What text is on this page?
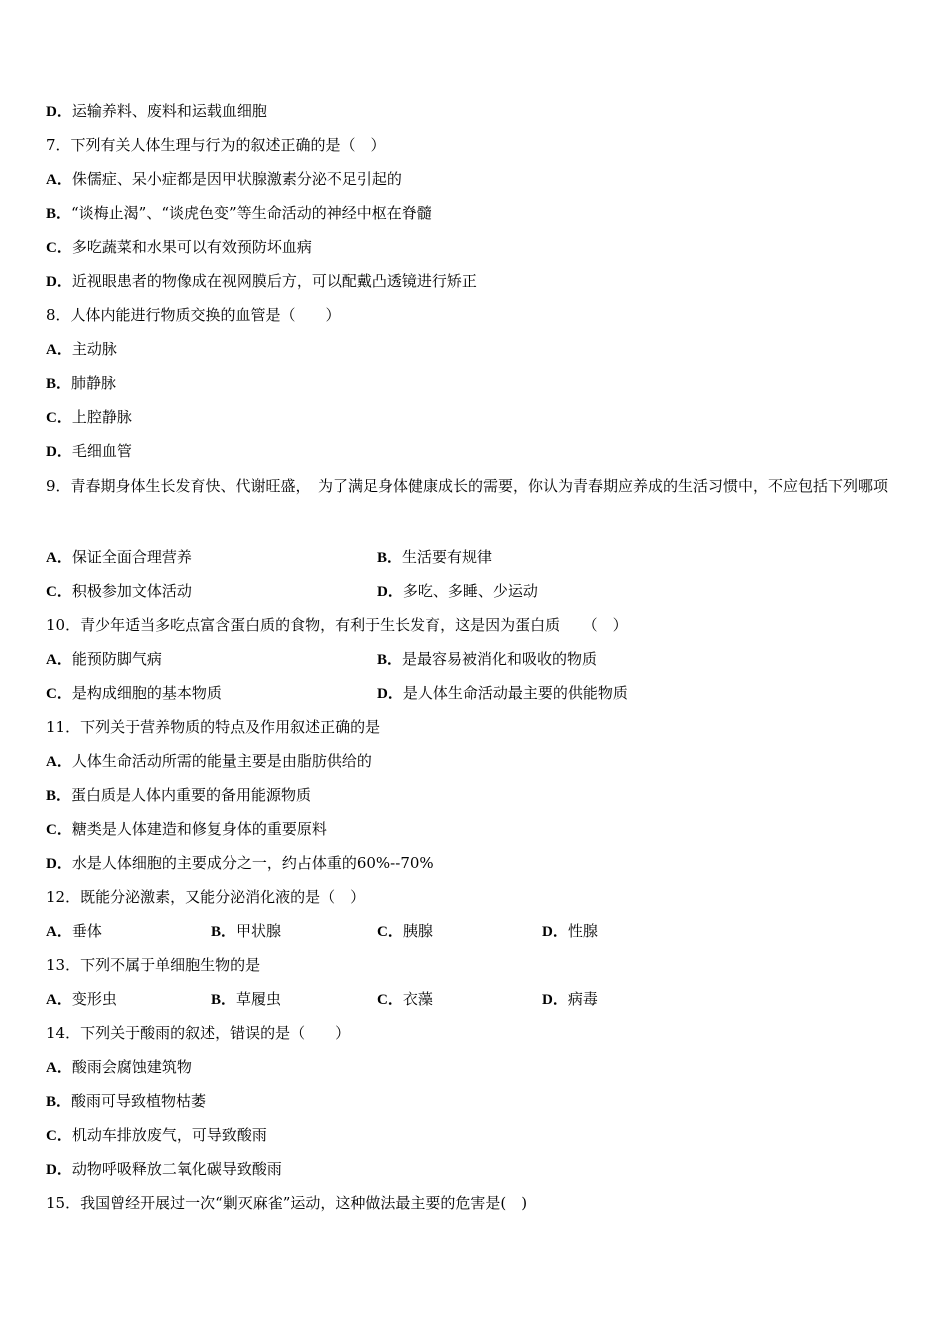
D．运输养料、废料和运载血细胞
7．下列有关人体生理与行为的叙述正确的是（　）
A．侏儒症、呆小症都是因甲状腺激素分泌不足引起的
B．“谈梅止渴”、“谈虎色变”等生命活动的神经中枢在脊髓
C．多吃蔬菜和水果可以有效预防坏血病
D．近视眼患者的物像成在视网膜后方，可以配戴凸透镜进行矫正
8．人体内能进行物质交换的血管是（　　）
A．主动脉
B．肺静脉
C．上腔静脉
D．毛细血管
9．青春期身体生长发育快、代谢旺盛，　为了满足身体健康成长的需要，你认为青春期应养成的生活习惯中，不应包括下列哪项
A．保证全面合理营养	B．生活要有规律
C．积极参加文体活动	D．多吃、多睡、少运动
10．青少年适当多吃点富含蛋白质的食物，有利于生长发育，这是因为蛋白质　　（　）
A．能预防脚气病	B．是最容易被消化和吸收的物质
C．是构成细胞的基本物质	D．是人体生命活动最主要的供能物质
11．下列关于营养物质的特点及作用叙述正确的是
A．人体生命活动所需的能量主要是由脂肪供给的
B．蛋白质是人体内重要的备用能源物质
C．糖类是人体建造和修复身体的重要原料
D．水是人体细胞的主要成分之一，约占体重的60%--70%
12．既能分泌激素，又能分泌消化液的是（　）
A．垂体	B．甲状腺	C．胰腺	D．性腺
13．下列不属于单细胞生物的是
A．变形虫	B．草履虫	C．衣藻	D．病毒
14．下列关于酸雨的叙述，错误的是（　　）
A．酸雨会腐蚀建筑物
B．酸雨可导致植物枯萎
C．机动车排放废气，可导致酸雨
D．动物呼吸释放二氧化碳导致酸雨
15．我国曾经开展过一次“剿灭麻雀”运动，这种做法最主要的危害是(　)
